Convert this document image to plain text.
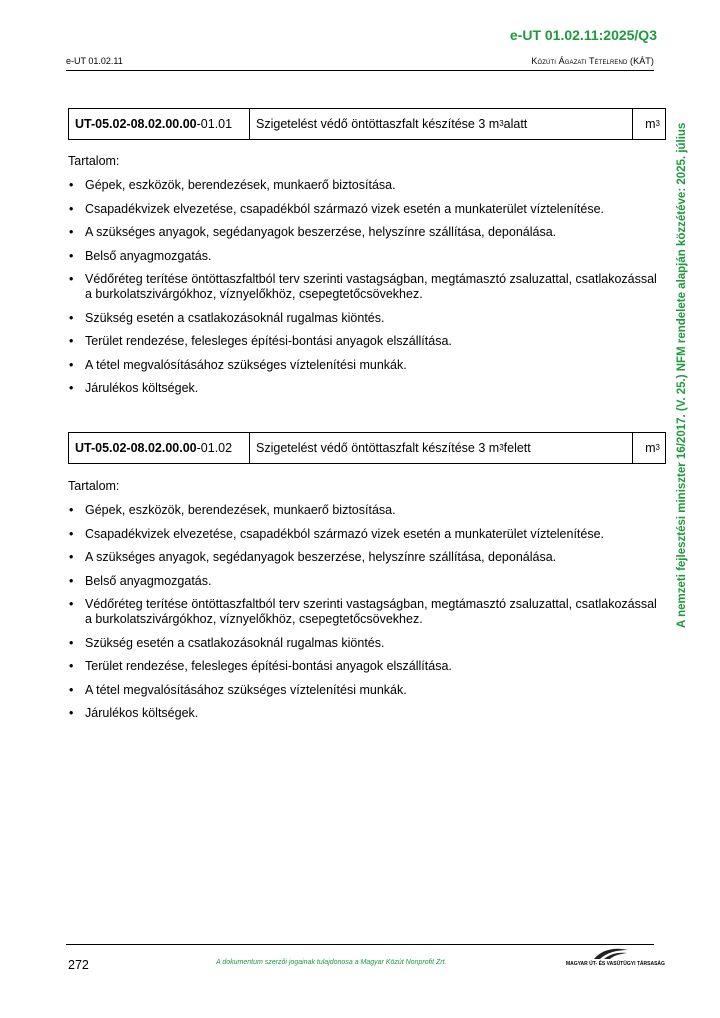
e-UT 01.02.11:2025/Q3
e-UT 01.02.11	Közúti Ágazati Tételrend (KÁT)
UT-05.02-08.02.00.00 -01.01 Szigetelést védő öntöttaszfalt készítése 3 m 3 alatt	m 3
Tartalom:
• Gépek, eszközök, berendezések, munkaerő biztosítása.
• Csapadékvizek elvezetése, csapadékból származó vizek esetén a munkaterület víztelenítése.
• A szükséges anyagok, segédanyagok beszerzése, helyszínre szállítása, deponálása.
• Belső anyagmozgatás.
• Védőréteg terítése öntöttaszfaltból terv szerinti vastagságban, megtámasztó zsaluzattal, csatlakozással a burkolatszivárgókhoz, víznyelőkhöz, csepegtetőcsövekhez.
• Szükség esetén a csatlakozásoknál rugalmas kiöntés.
• Terület rendezése, felesleges építési-bontási anyagok elszállítása.
• A tétel megvalósításához szükséges víztelenítési munkák.
• Járulékos költségek.
UT-05.02-08.02.00.00 -01.02 Szigetelést védő öntöttaszfalt készítése 3 m 3 felett	m 3
Tartalom:
• Gépek, eszközök, berendezések, munkaerő biztosítása.
• Csapadékvizek elvezetése, csapadékból származó vizek esetén a munkaterület víztelenítése.
• A szükséges anyagok, segédanyagok beszerzése, helyszínre szállítása, deponálása.
• Belső anyagmozgatás.
• Védőréteg terítése öntöttaszfaltból terv szerinti vastagságban, megtámasztó zsaluzattal, csatlakozással a burkolatszivárgókhoz, víznyelőkhöz, csepegtetőcsövekhez.
• Szükség esetén a csatlakozásoknál rugalmas kiöntés.
• Terület rendezése, felesleges építési-bontási anyagok elszállítása.
• A tétel megvalósításához szükséges víztelenítési munkák.
• Járulékos költségek.
A nemzeti fejlesztési miniszter 16/2017. (V. 25.) NFM rendelete alapján közzétéve: 2025. július
272	A dokumentum szerzői jogainak tulajdonosa a Magyar Közút Nonprofit Zrt.	MAGYAR ÚT- ÉS VASÚTÜGYI TÁRSASÁG
